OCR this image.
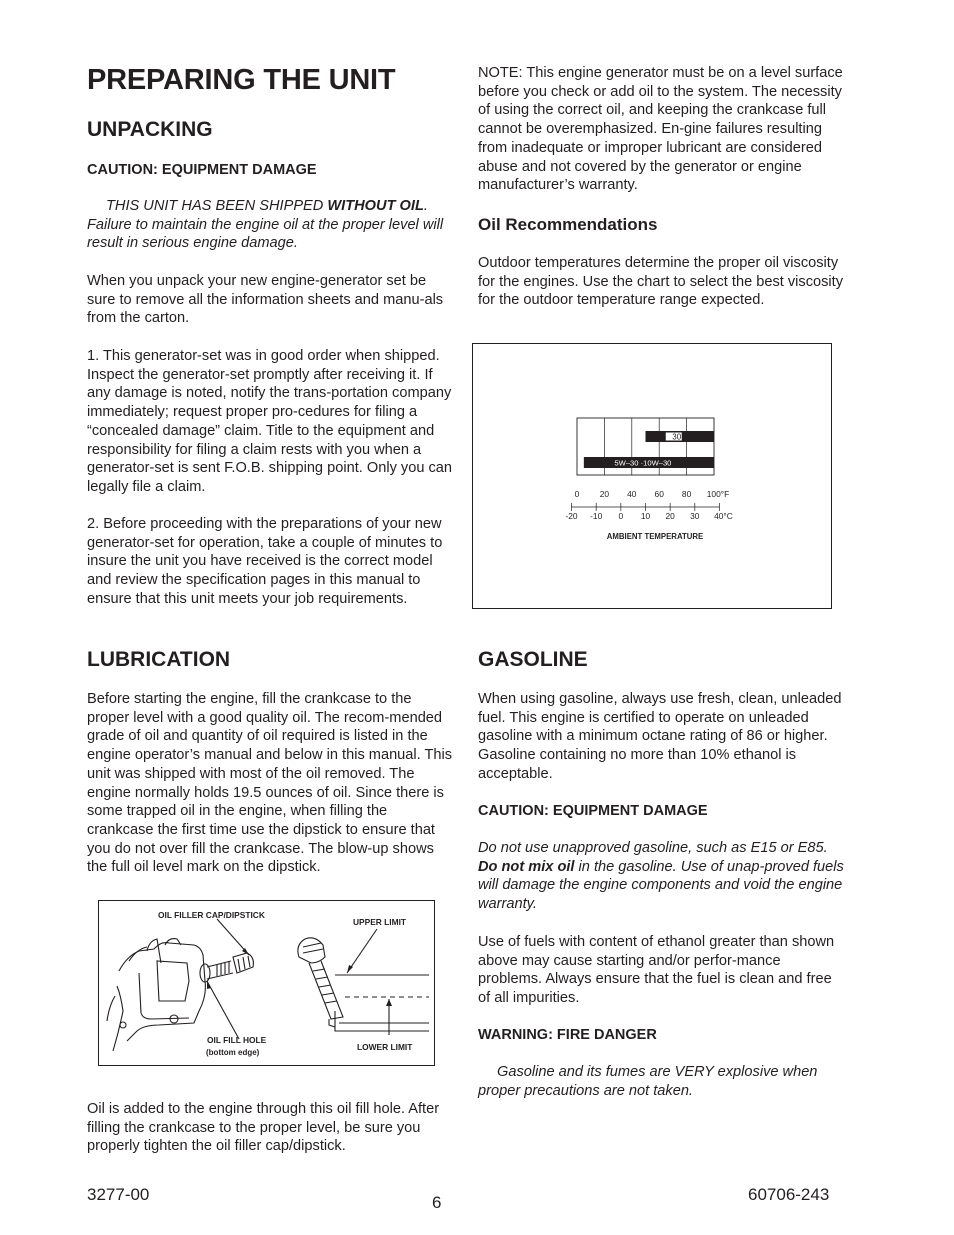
PREPARING THE UNIT
UNPACKING

CAUTION: EQUIPMENT DAMAGE

THIS UNIT HAS BEEN SHIPPED WITHOUT OIL. Failure to maintain the engine oil at the proper level will result in serious engine damage.

When you unpack your new engine-generator set be sure to remove all the information sheets and manu-als from the carton.

1. This generator-set was in good order when shipped. Inspect the generator-set promptly after receiving it. If any damage is noted, notify the trans-portation company immediately; request proper pro-cedures for filing a “concealed damage” claim. Title to the equipment and responsibility for filing a claim rests with you when a generator-set is sent F.O.B. shipping point. Only you can legally file a claim.

2. Before proceeding with the preparations of your new generator-set for operation, take a couple of minutes to insure the unit you have received is the correct model and review the specification pages in this manual to ensure that this unit meets your job requirements.

LUBRICATION

Before starting the engine, fill the crankcase to the proper level with a good quality oil. The recom-mended grade of oil and quantity of oil required is listed in the engine operator’s manual and below in this manual. This unit was shipped with most of the oil removed. The engine normally holds 19.5 ounces of oil. Since there is some trapped oil in the engine, when filling the crankcase the first time use the dipstick to ensure that you do not over fill the crankcase. The blow-up shows the full oil level mark on the dipstick.

OIL FILLER CAP/DIPSTICK
UPPER LIMIT
OIL FILL HOLE
(bottom edge)
LOWER LIMIT

Oil is added to the engine through this oil fill hole. After filling the crankcase to the proper level, be sure you properly tighten the oil filler cap/dipstick.

NOTE: This engine generator must be on a level surface before you check or add oil to the system. The necessity of using the correct oil, and keeping the crankcase full cannot be overemphasized. En-gine failures resulting from inadequate or improper lubricant are considered abuse and not covered by the generator or engine manufacturer’s warranty.

Oil Recommendations

Outdoor temperatures determine the proper oil viscosity for the engines. Use the chart to select the best viscosity for the outdoor temperature range expected.

30
5W–30 ·10W–30
0 20 40 60 80 100°F
-20 -10 0 10 20 30 40°C
AMBIENT TEMPERATURE
GASOLINE

When using gasoline, always use fresh, clean, unleaded fuel. This engine is certified to operate on unleaded gasoline with a minimum octane rating of 86 or higher. Gasoline containing no more than 10% ethanol is acceptable.

CAUTION: EQUIPMENT DAMAGE

Do not use unapproved gasoline, such as E15 or E85. Do not mix oil in the gasoline. Use of unap-proved fuels will damage the engine components and void the engine warranty.

Use of fuels with content of ethanol greater than shown above may cause starting and/or perfor-mance problems. Always ensure that the fuel is clean and free of all impurities.

WARNING: FIRE DANGER

Gasoline and its fumes are VERY explosive when proper precautions are not taken.

3277-00	6	60706-243
